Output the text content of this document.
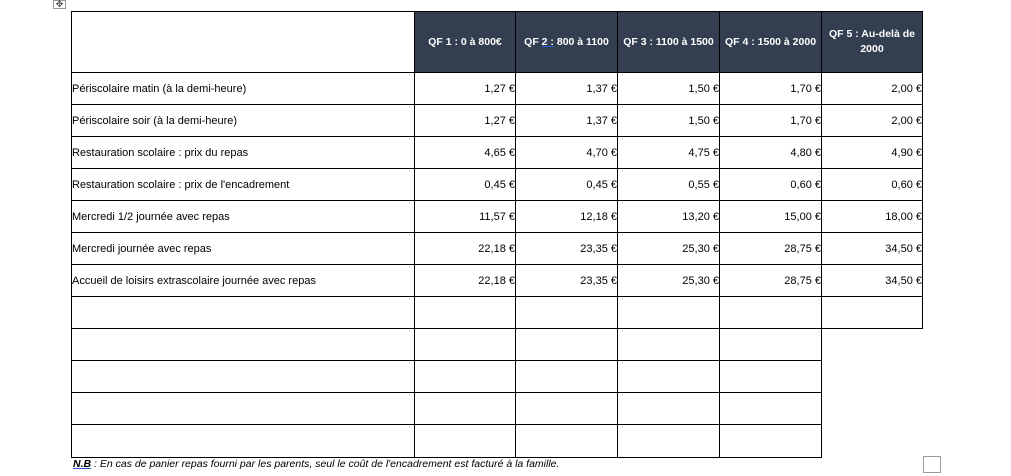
✥
	QF 1 : 0 à 800€	QF 2 : 800 à 1100	QF 3 : 1100 à 1500	QF 4 : 1500 à 2000	QF 5 : Au-delà de 2000
Périscolaire matin (à la demi-heure)	1,27 €	1,37 €	1,50 €	1,70 €	2,00 €
Périscolaire soir (à la demi-heure)	1,27 €	1,37 €	1,50 €	1,70 €	2,00 €
Restauration scolaire : prix du repas	4,65 €	4,70 €	4,75 €	4,80 €	4,90 €
Restauration scolaire : prix de l'encadrement	0,45 €	0,45 €	0,55 €	0,60 €	0,60 €
Mercredi 1/2 journée avec repas	11,57 €	12,18 €	13,20 €	15,00 €	18,00 €
Mercredi journée avec repas	22,18 €	23,35 €	25,30 €	28,75 €	34,50 €
Accueil de loisirs extrascolaire journée avec repas	22,18 €	23,35 €	25,30 €	28,75 €	34,50 €

N.B : En cas de panier repas fourni par les parents, seul le coût de l'encadrement est facturé à la famille.
